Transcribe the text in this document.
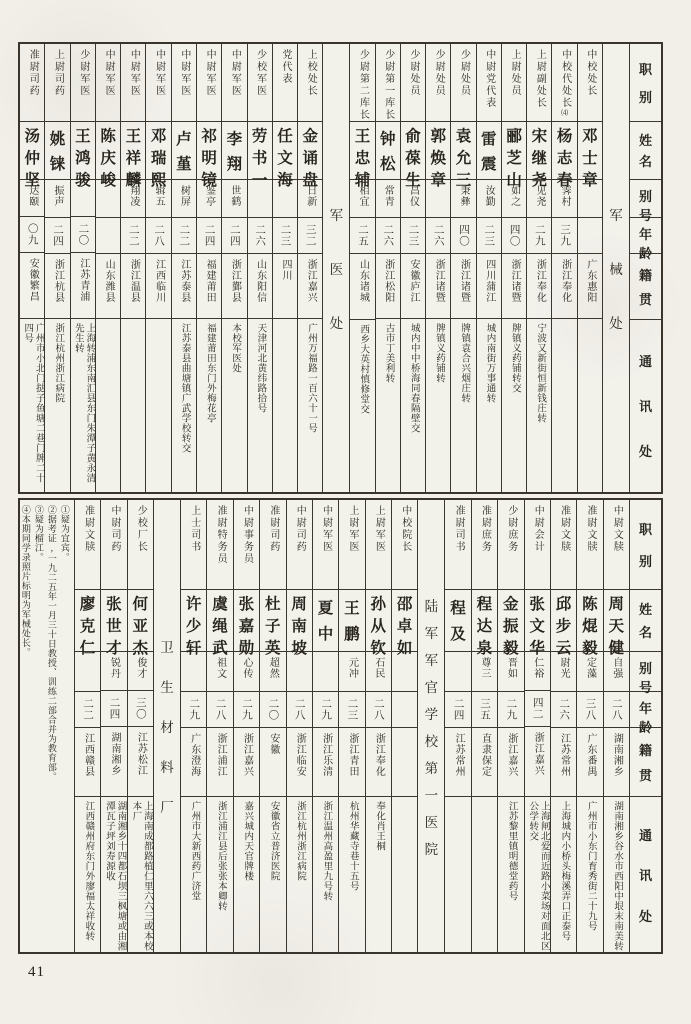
职
别
姓
名
别
号
年
龄
籍
贯
通
讯
处
军
械
处
中校处长
邓
士
章
广东惠阳
中校代处长⑷
杨
志
春
霁村
三九
浙江奉化
上尉副处长
宋
继
尧
见尧
二九
浙江奉化
宁波又新街恒新钱庄转
上尉处员
郦
芝
山
如之
四〇
浙江诸暨
牌镇义药铺转交
中尉党代表
雷
震
汝勤
二三
四川蒲江
城内南街万事通转
少尉处员
袁
允
三
秉彝
四〇
浙江诸暨
牌镇袁合兴烟庄转
少尉处员
郭
焕
章
二六
浙江诸暨
牌镇义药铺转
少尉处员
俞
葆
生
昌仪
二三
安徽庐江
城内中中桥海同春隔壁交
少尉第一库长
钟
松
常青
二六
浙江松阳
古市丁美利转
少尉第二库长
王
忠
辅
相宜
二五
山东诸城
西乡大英村慎修堂交
军
医
处
上校处长
金
诵
盘
日新
三二
浙江嘉兴
广州万福路一百六十一号
党代表
任
文
海
二三
四川
少校军医
劳
书
一
二六
山东阳信
天津河北黄纬路拾号
中尉军医
李
翔
世鹤
二四
浙江鄞县
本校军医处
中尉军医
祁
明
镜
鉴亭
二四
福建莆田
福建莆田东门外梅花亭
中尉军医
卢
堇
树屏
二二
江苏泰县
江苏泰县曲塘镇广武学校转交
中尉军医
邓
瑞
熙
辑五
二八
江西临川
中尉军医
王
祥
麟
翔凌
二二
浙江温县
中尉军医
陈
庆
峻
山东潍县
少尉军医
王
鸿
骏
二〇
江苏青浦
上海转浦东南汇县东门朱潭子黄永清先生转
上尉司药
姚
铼
振声
二四
浙江杭县
浙江杭州浙江病院
准尉司药
汤
仲
坚
达颐
〇九
安徽繁昌
广州市小北门挞子鱼塘二巷门牌二十四号
职
别
姓
名
别
号
年
龄
籍
贯
通
讯
处
中尉文牍
周
天
健
自强
二八
湖南湘乡
湖南湘乡谷水市西阳中垠末南美转
准尉文牍
陈
焜
毅
定藻
三八
广东番禺
广州市小东门育秀街二十九号
准尉文牍
邱
步
云
尉光
二六
江苏常州
上海城内小桥头梅溪弄口正泰号
中尉会计
张
文
华
仁裕
四二
浙江嘉兴
上海闸北爱而近路小菜场对面北区公学转交
少尉庶务
金
振
毅
晋如
二九
浙江嘉兴
江苏黎里镇明德堂药号
准尉庶务
程
达
泉
尊三
三五
直隶保定
准尉司书
程
及
二四
江苏常州
陆
军
军
官
学
校
第
一
医
院
中校院长
邵
卓
如
上尉军医
孙
从
钦
石民
二八
浙江奉化
奉化肖王桐
上尉军医
王
鹏
元冲
二三
浙江青田
杭州华藏寺巷十五号
中尉军医
夏
中
二九
浙江乐清
浙江温州高盈里九号转
中尉司药
周
南
坡
二八
浙江临安
浙江杭州浙江病院
准尉司药
杜
子
英
超然
二〇
安徽
安徽省立普济医院
中尉事务员
张
嘉
勋
心传
二九
浙江嘉兴
嘉兴城内天官牌楼
准尉特务员
虞
绳
武
祖文
二八
浙江浦江
浙江浦江县后张张本卿转
上士司书
许
少
轩
二九
广东澄海
广州市大新西药广济堂
卫
生
材
料
厂
少校厂长
何
亚
杰
俊才
三〇
江苏松江
上海南成都路植仁里六六三或本校本厂
中尉司药
张
世
才
锐丹
二四
湖南湘乡
湖南湘乡十四都石坝三枫塘或由湘潭瓦子坪刘寿源收
准尉文牍
廖
克
仁
二二
江西赣县
江西赣州府东门外廖福太祥收转
①疑为宜宾。
②据考证,一九二五年一月三十日教授、训练二部合并为教育部。
③疑为榴江。
④本期同学录照片标明为军械处长。
41
